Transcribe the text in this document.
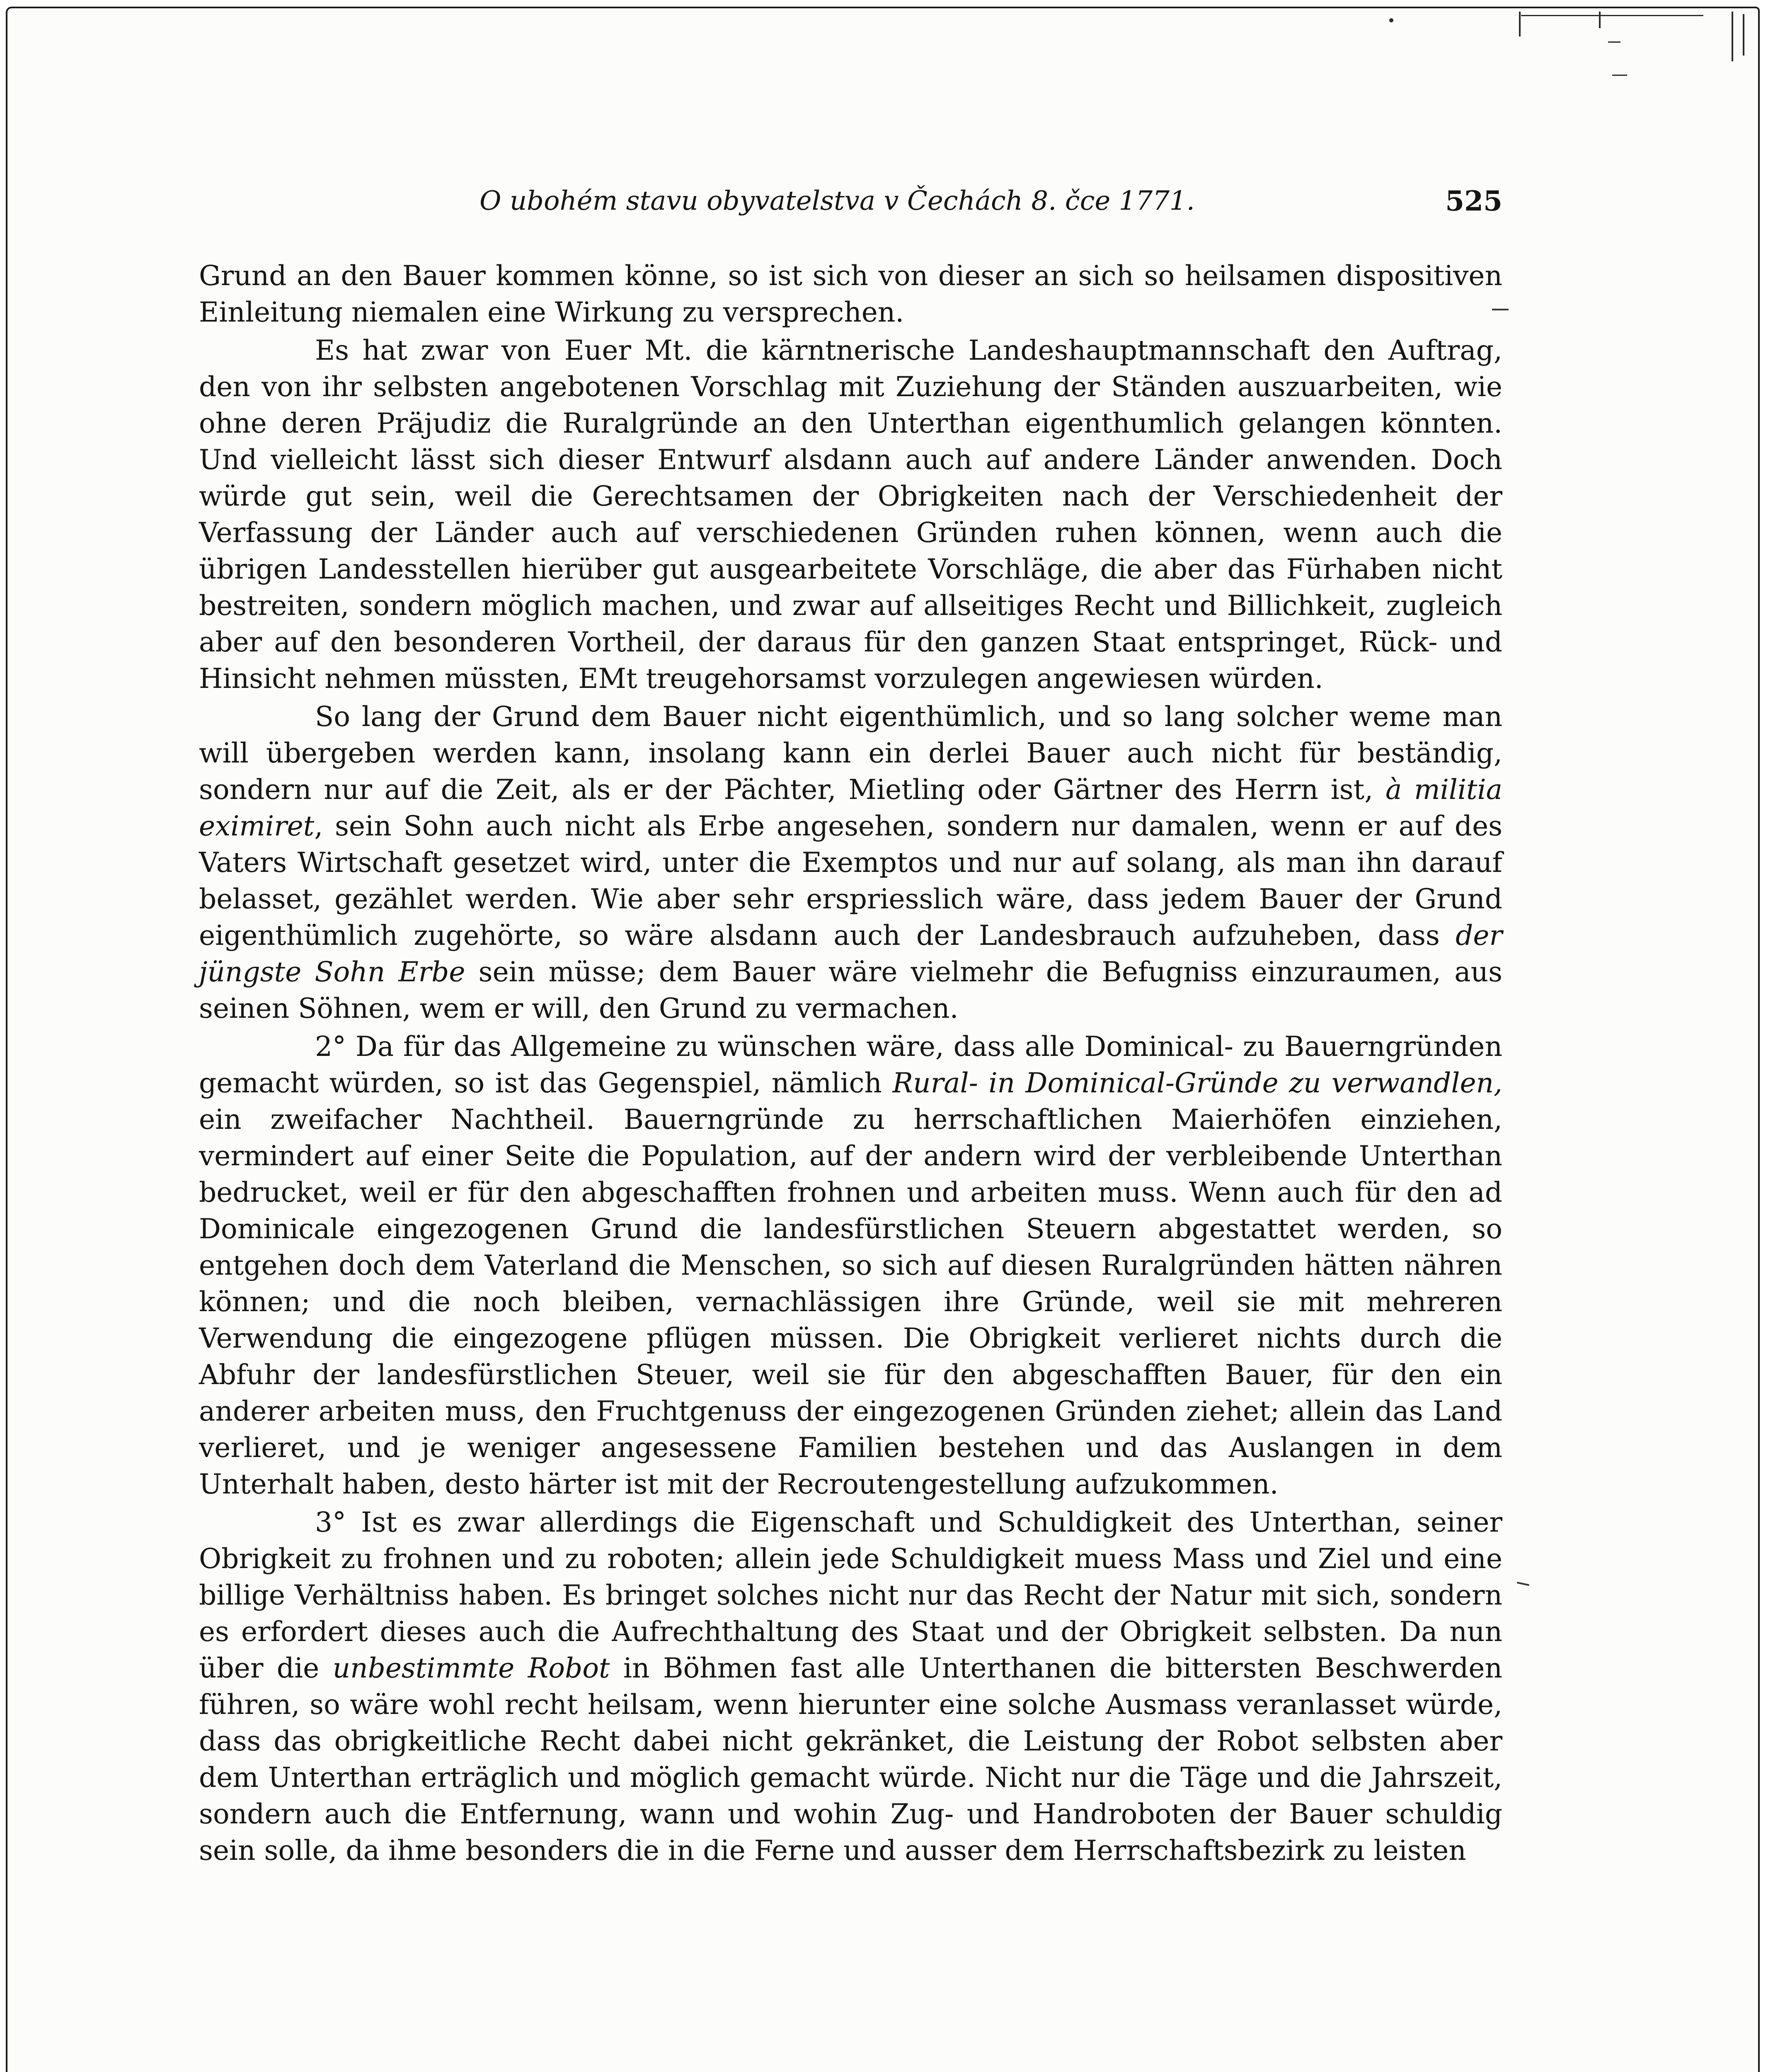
O ubohém stavu obyvatelstva v Čechách 8. čce 1771.	525

Grund an den Bauer kommen könne, so ist sich von dieser an sich so heilsamen dispositiven Einleitung niemalen eine Wirkung zu versprechen.

Es hat zwar von Euer Mt. die kärntnerische Landeshauptmannschaft den Auftrag, den von ihr selbsten angebotenen Vorschlag mit Zuziehung der Ständen auszuarbeiten, wie ohne deren Präjudiz die Ruralgründe an den Unterthan eigenthumlich gelangen könnten. Und vielleicht lässt sich dieser Entwurf alsdann auch auf andere Länder anwenden. Doch würde gut sein, weil die Gerechtsamen der Obrigkeiten nach der Verschiedenheit der Verfassung der Länder auch auf verschiedenen Gründen ruhen können, wenn auch die übrigen Landesstellen hierüber gut ausgearbeitete Vorschläge, die aber das Fürhaben nicht bestreiten, sondern möglich machen, und zwar auf allseitiges Recht und Billichkeit, zugleich aber auf den besonderen Vortheil, der daraus für den ganzen Staat entspringet, Rück- und Hinsicht nehmen müssten, EMt treugehorsamst vorzulegen angewiesen würden.

So lang der Grund dem Bauer nicht eigenthümlich, und so lang solcher weme man will übergeben werden kann, insolang kann ein derlei Bauer auch nicht für beständig, sondern nur auf die Zeit, als er der Pächter, Mietling oder Gärtner des Herrn ist, à militia eximiret, sein Sohn auch nicht als Erbe angesehen, sondern nur damalen, wenn er auf des Vaters Wirtschaft gesetzet wird, unter die Exemptos und nur auf solang, als man ihn darauf belasset, gezählet werden. Wie aber sehr erspriesslich wäre, dass jedem Bauer der Grund eigenthümlich zugehörte, so wäre alsdann auch der Landesbrauch aufzuheben, dass der jüngste Sohn Erbe sein müsse; dem Bauer wäre vielmehr die Befugniss einzuraumen, aus seinen Söhnen, wem er will, den Grund zu vermachen.

2° Da für das Allgemeine zu wünschen wäre, dass alle Dominical- zu Bauerngründen gemacht würden, so ist das Gegenspiel, nämlich Rural- in Dominical-Gründe zu verwandlen, ein zweifacher Nachtheil. Bauerngründe zu herrschaftlichen Maierhöfen einziehen, vermindert auf einer Seite die Population, auf der andern wird der verbleibende Unterthan bedrucket, weil er für den abgeschafften frohnen und arbeiten muss. Wenn auch für den ad Dominicale eingezogenen Grund die landesfürstlichen Steuern abgestattet werden, so entgehen doch dem Vaterland die Menschen, so sich auf diesen Ruralgründen hätten nähren können; und die noch bleiben, vernachlässigen ihre Gründe, weil sie mit mehreren Verwendung die eingezogene pflügen müssen. Die Obrigkeit verlieret nichts durch die Abfuhr der landesfürstlichen Steuer, weil sie für den abgeschafften Bauer, für den ein anderer arbeiten muss, den Fruchtgenuss der eingezogenen Gründen ziehet; allein das Land verlieret, und je weniger angesessene Familien bestehen und das Auslangen in dem Unterhalt haben, desto härter ist mit der Recroutengestellung aufzukommen.

3° Ist es zwar allerdings die Eigenschaft und Schuldigkeit des Unterthan, seiner Obrigkeit zu frohnen und zu roboten; allein jede Schuldigkeit muess Mass und Ziel und eine billige Verhältniss haben. Es bringet solches nicht nur das Recht der Natur mit sich, sondern es erfordert dieses auch die Aufrechthaltung des Staat und der Obrigkeit selbsten. Da nun über die unbestimmte Robot in Böhmen fast alle Unterthanen die bittersten Beschwerden führen, so wäre wohl recht heilsam, wenn hierunter eine solche Ausmass veranlasset würde, dass das obrigkeitliche Recht dabei nicht gekränket, die Leistung der Robot selbsten aber dem Unterthan erträglich und möglich gemacht würde. Nicht nur die Täge und die Jahrszeit, sondern auch die Entfernung, wann und wohin Zug- und Handroboten der Bauer schuldig sein solle, da ihme besonders die in die Ferne und ausser dem Herrschaftsbezirk zu leisten
